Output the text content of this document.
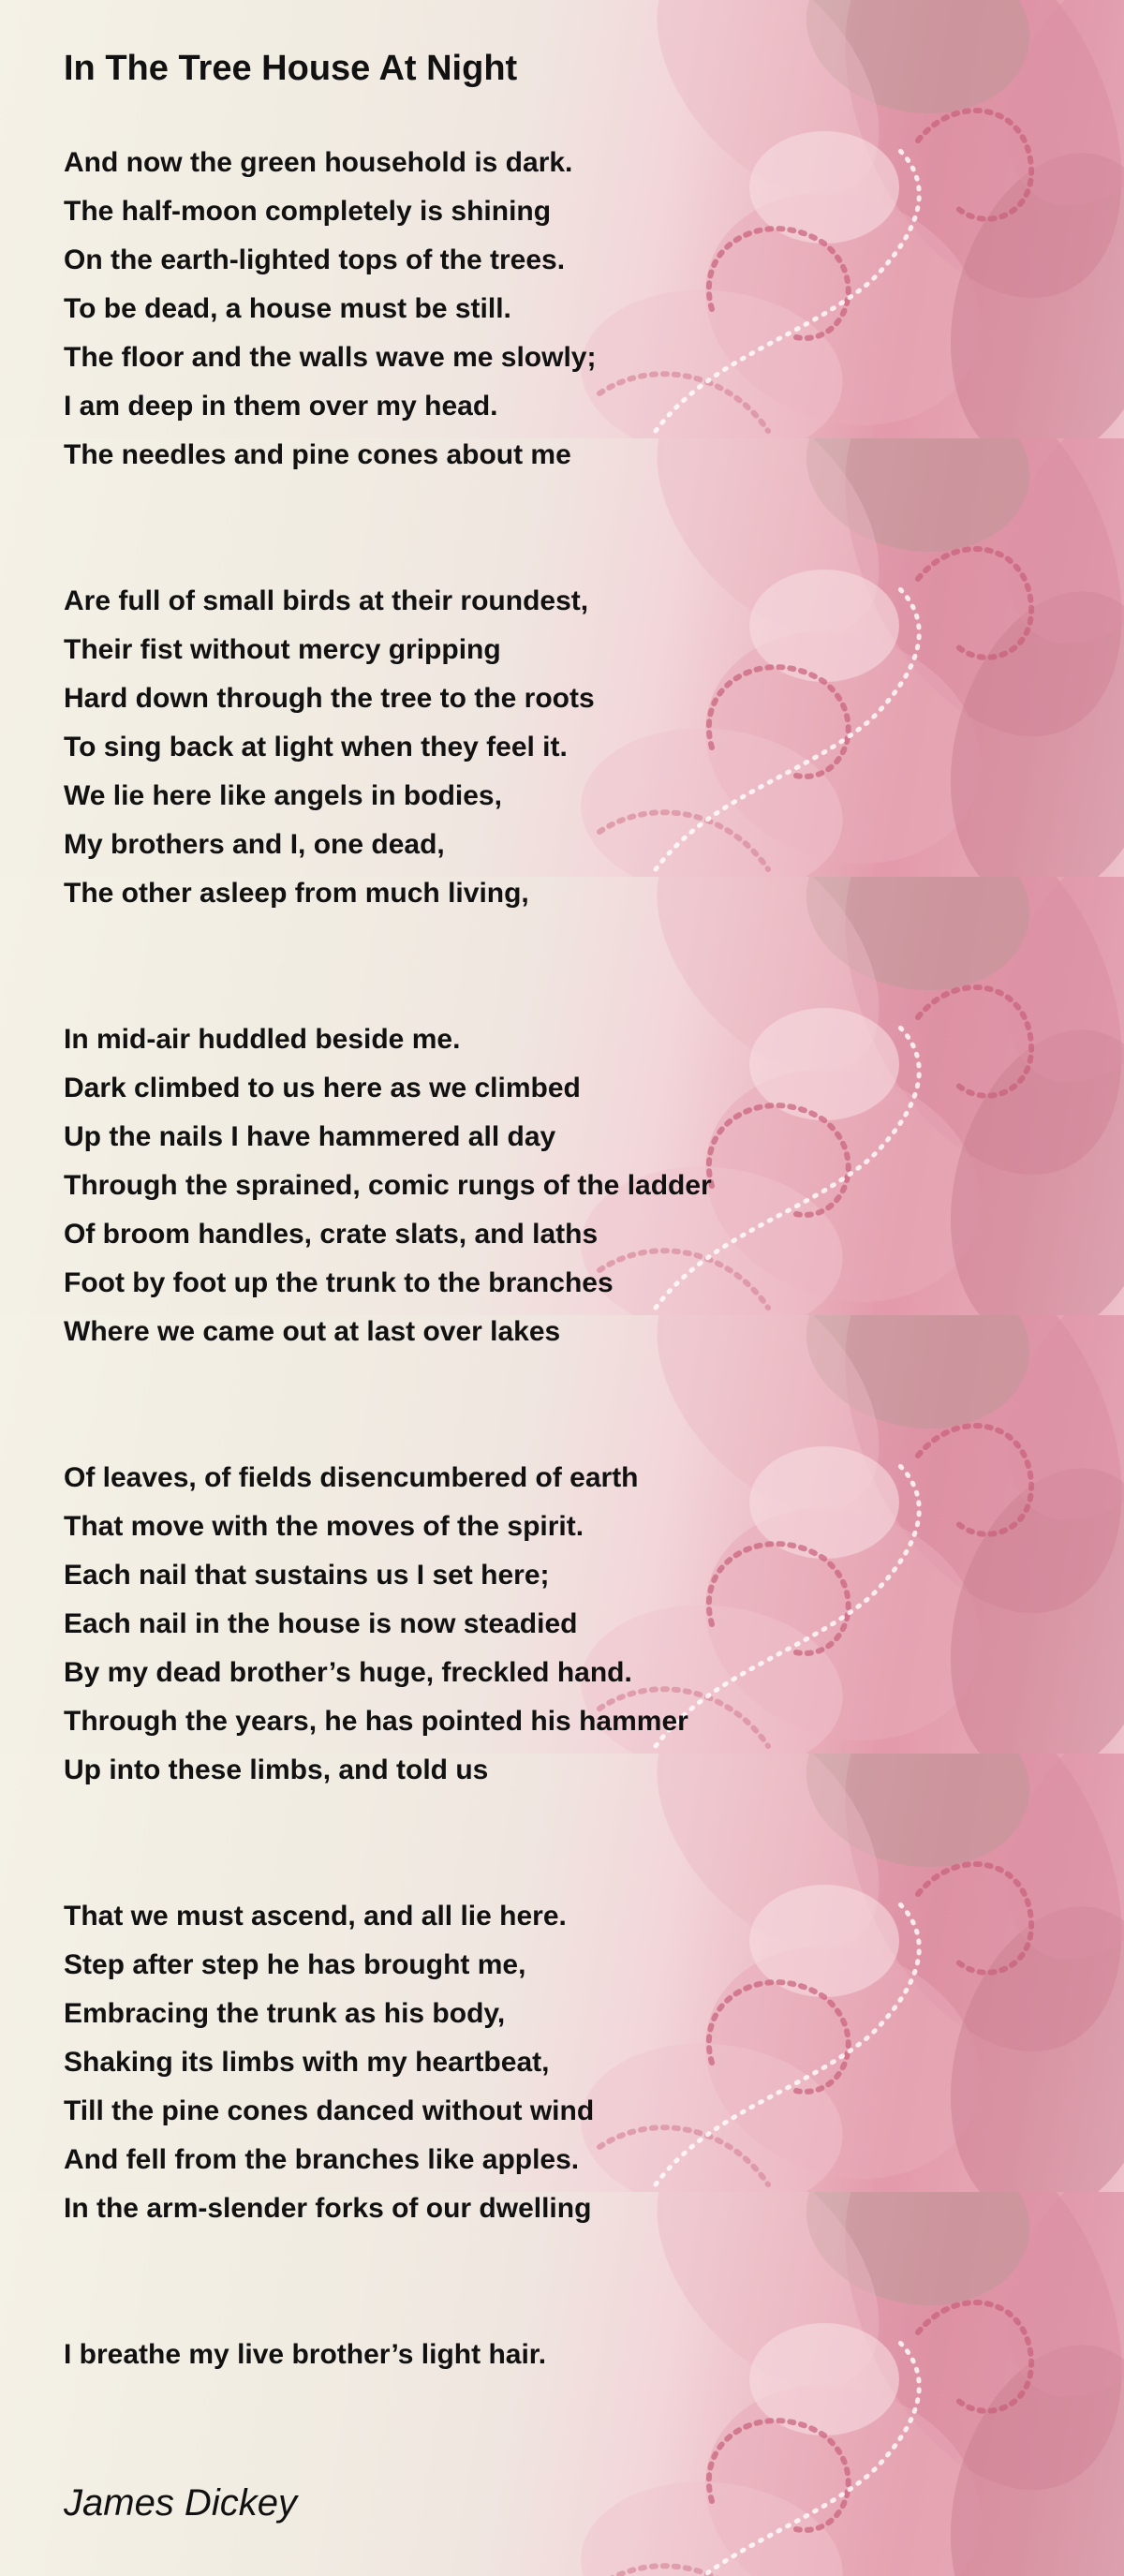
In The Tree House At Night
And now the green household is dark.
The half-moon completely is shining
On the earth-lighted tops of the trees.
To be dead, a house must be still.
The floor and the walls wave me slowly;
I am deep in them over my head.
The needles and pine cones about me
Are full of small birds at their roundest,
Their fist without mercy gripping
Hard down through the tree to the roots
To sing back at light when they feel it.
We lie here like angels in bodies,
My brothers and I, one dead,
The other asleep from much living,
In mid-air huddled beside me.
Dark climbed to us here as we climbed
Up the nails I have hammered all day
Through the sprained, comic rungs of the ladder
Of broom handles, crate slats, and laths
Foot by foot up the trunk to the branches
Where we came out at last over lakes
Of leaves, of fields disencumbered of earth
That move with the moves of the spirit.
Each nail that sustains us I set here;
Each nail in the house is now steadied
By my dead brother’s huge, freckled hand.
Through the years, he has pointed his hammer
Up into these limbs, and told us
That we must ascend, and all lie here.
Step after step he has brought me,
Embracing the trunk as his body,
Shaking its limbs with my heartbeat,
Till the pine cones danced without wind
And fell from the branches like apples.
In the arm-slender forks of our dwelling
I breathe my live brother’s light hair.
James Dickey
